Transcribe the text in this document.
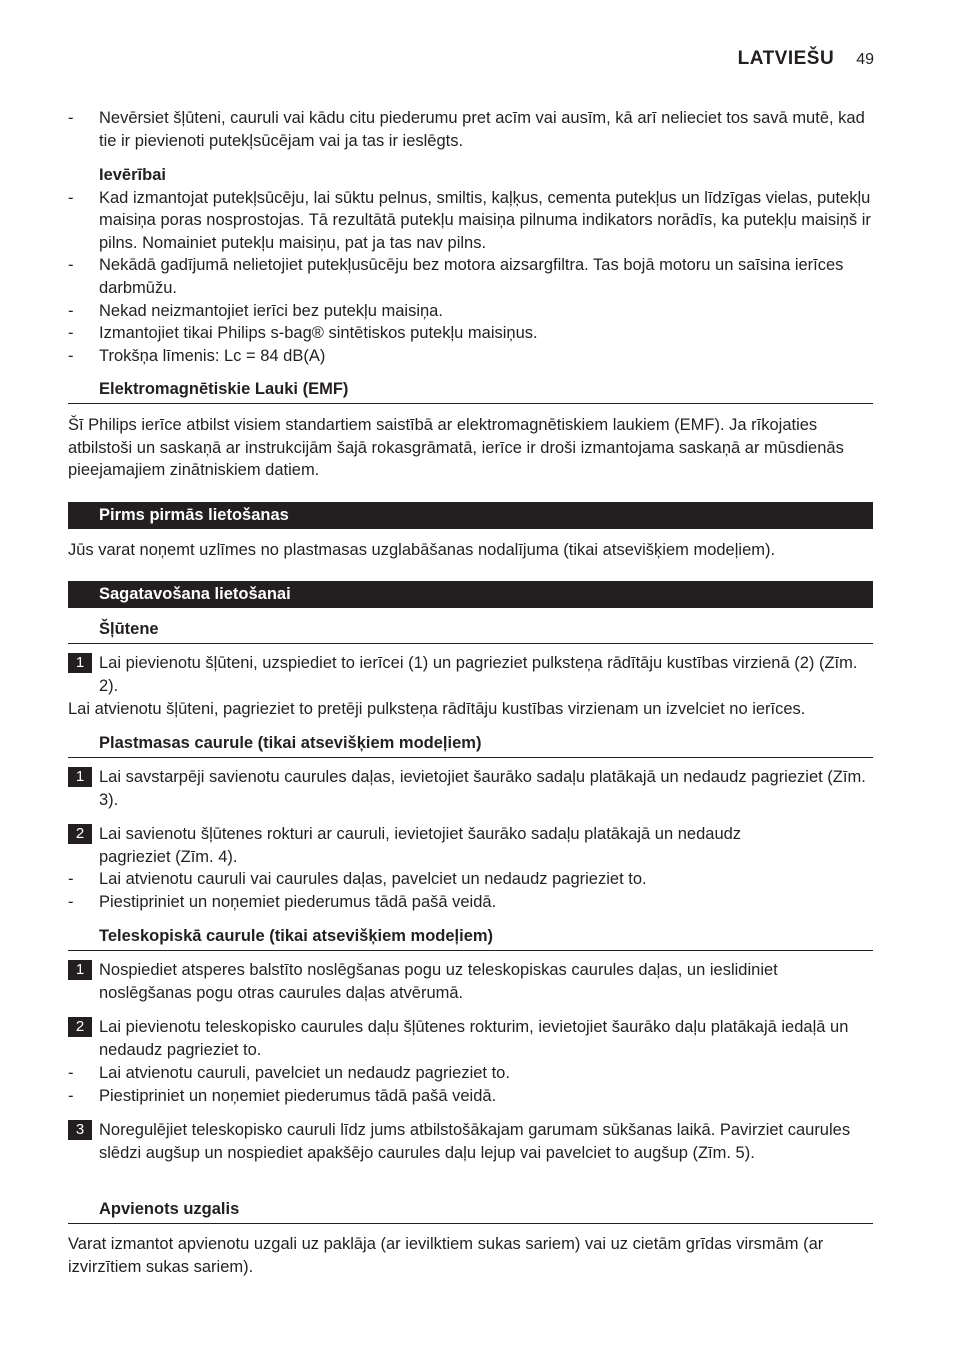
LATVIEŠU 49
- Nevērsiet šļūteni, cauruli vai kādu citu piederumu pret acīm vai ausīm, kā arī nelieciet tos savā mutē, kad tie ir pievienoti putekļsūcējam vai ja tas ir ieslēgts.
Ievērībai
- Kad izmantojat putekļsūcēju, lai sūktu pelnus, smiltis, kaļķus, cementa putekļus un līdzīgas vielas, putekļu maisiņa poras nosprostojas. Tā rezultātā putekļu maisiņa pilnuma indikators norādīs, ka putekļu maisiņš ir pilns. Nomainiet putekļu maisiņu, pat ja tas nav pilns.
- Nekādā gadījumā nelietojiet putekļusūcēju bez motora aizsargfiltra. Tas bojā motoru un saīsina ierīces darbmūžu.
- Nekad neizmantojiet ierīci bez putekļu maisiņa.
- Izmantojiet tikai Philips s-bag® sintētiskos putekļu maisiņus.
- Trokšņa līmenis: Lc = 84 dB(A)
Elektromagnētiskie Lauki (EMF)
Šī Philips ierīce atbilst visiem standartiem saistībā ar elektromagnētiskiem laukiem (EMF). Ja rīkojaties atbilstoši un saskaņā ar instrukcijām šajā rokasgrāmatā, ierīce ir droši izmantojama saskaņā ar mūsdienās pieejamajiem zinātniskiem datiem.
Pirms pirmās lietošanas
Jūs varat noņemt uzlīmes no plastmasas uzglabāšanas nodalījuma (tikai atsevišķiem modeļiem).
Sagatavošana lietošanai
Šļūtene
1 Lai pievienotu šļūteni, uzspiediet to ierīcei (1) un pagrieziet pulksteņa rādītāju kustības virzienā (2) (Zīm. 2).
Lai atvienotu šļūteni, pagrieziet to pretēji pulksteņa rādītāju kustības virzienam un izvelciet no ierīces.
Plastmasas caurule (tikai atsevišķiem modeļiem)
1 Lai savstarpēji savienotu caurules daļas, ievietojiet šaurāko sadaļu platākajā un nedaudz pagrieziet (Zīm. 3).
2 Lai savienotu šļūtenes rokturi ar cauruli, ievietojiet šaurāko sadaļu platākajā un nedaudz pagrieziet (Zīm. 4).
- Lai atvienotu cauruli vai caurules daļas, pavelciet un nedaudz pagrieziet to.
- Piestipriniet un noņemiet piederumus tādā pašā veidā.
Teleskopiskā caurule (tikai atsevišķiem modeļiem)
1 Nospiediet atsperes balstīto noslēgšanas pogu uz teleskopiskas caurules daļas, un ieslidiniet noslēgšanas pogu otras caurules daļas atvērumā.
2 Lai pievienotu teleskopisko caurules daļu šļūtenes rokturim, ievietojiet šaurāko daļu platākajā iedaļā un nedaudz pagrieziet to.
- Lai atvienotu cauruli, pavelciet un nedaudz pagrieziet to.
- Piestipriniet un noņemiet piederumus tādā pašā veidā.
3 Noregulējiet teleskopisko cauruli līdz jums atbilstošākajam garumam sūkšanas laikā. Pavirziet caurules slēdzi augšup un nospiediet apakšējo caurules daļu lejup vai pavelciet to augšup (Zīm. 5).
Apvienots uzgalis
Varat izmantot apvienotu uzgali uz paklāja (ar ievilktiem sukas sariem) vai uz cietām grīdas virsmām (ar izvirzītiem sukas sariem).
